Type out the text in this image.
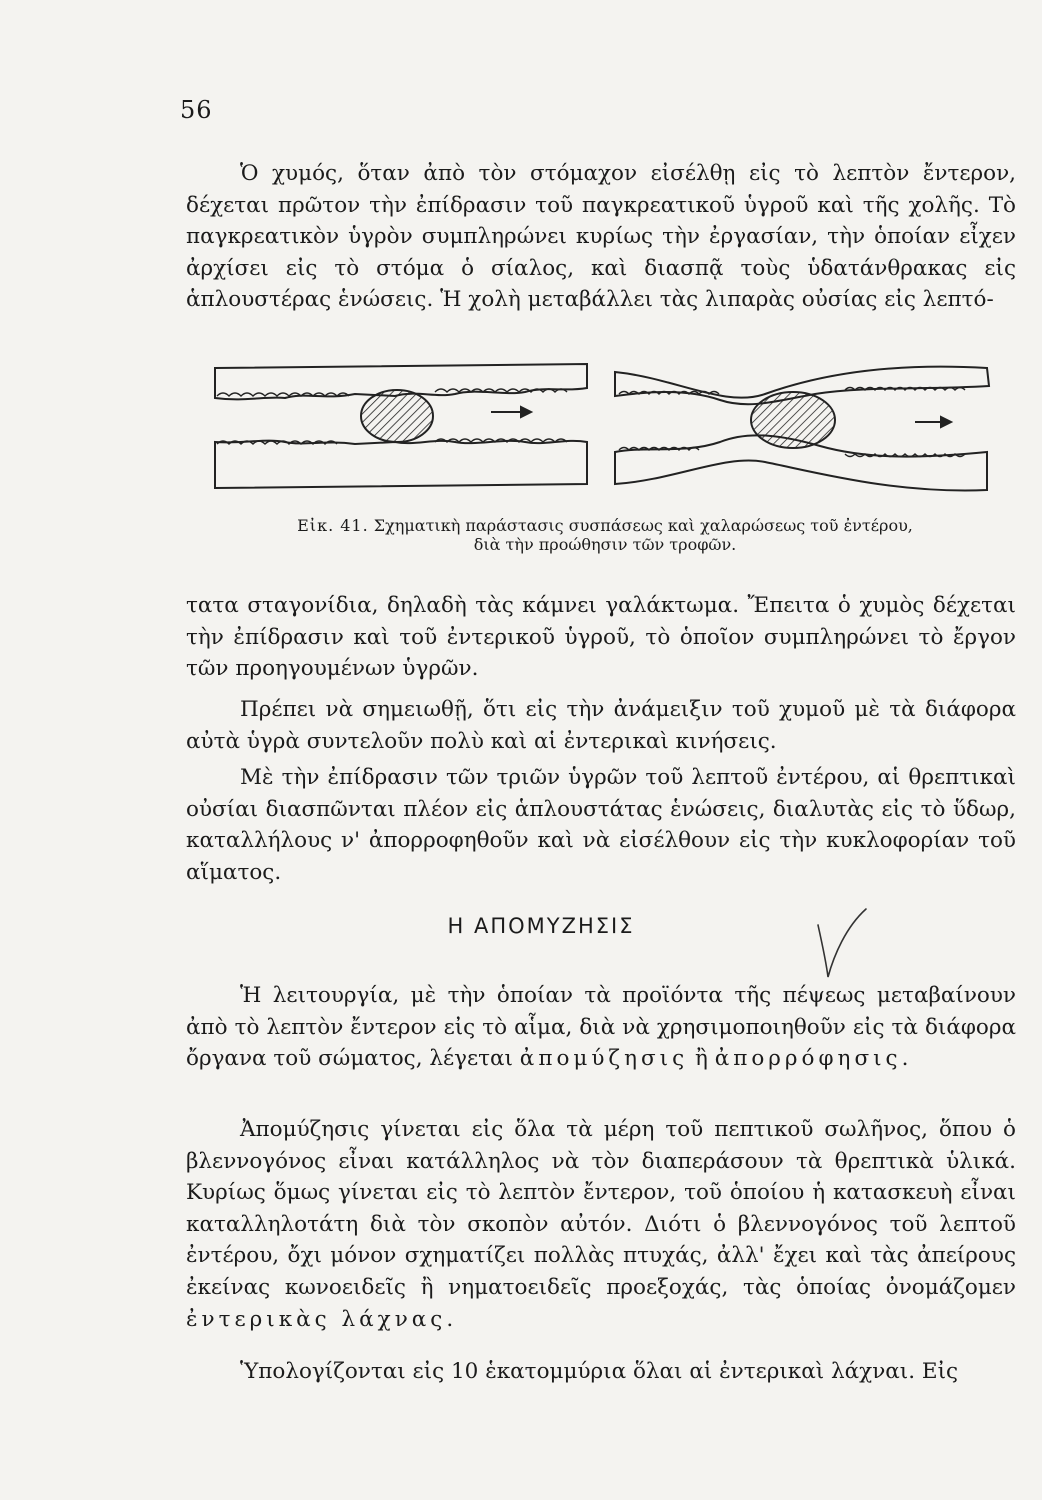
56

Ὁ χυμός, ὅταν ἀπὸ τὸν στόμαχον εἰσέλθῃ εἰς τὸ λεπτὸν ἔντερον, δέχεται πρῶτον τὴν ἐπίδρασιν τοῦ παγκρεατικοῦ ὑγροῦ καὶ τῆς χολῆς. Τὸ παγκρεατικὸν ὑγρὸν συμπληρώνει κυρίως τὴν ἐργασίαν, τὴν ὁποίαν εἶχεν ἀρχίσει εἰς τὸ στόμα ὁ σίαλος, καὶ διασπᾷ τοὺς ὑδατάνθρακας εἰς ἁπλουστέρας ἑνώσεις. Ἡ χολὴ μεταβάλλει τὰς λιπαρὰς οὐσίας εἰς λεπτό-

Εἰκ. 41. Σχηματικὴ παράστασις συσπάσεως καὶ χαλαρώσεως τοῦ ἐντέρου,
διὰ τὴν προώθησιν τῶν τροφῶν.

τατα σταγονίδια, δηλαδὴ τὰς κάμνει γαλάκτωμα. Ἔπειτα ὁ χυμὸς δέχεται τὴν ἐπίδρασιν καὶ τοῦ ἐντερικοῦ ὑγροῦ, τὸ ὁποῖον συμπληρώνει τὸ ἔργον τῶν προηγουμένων ὑγρῶν.

Πρέπει νὰ σημειωθῇ, ὅτι εἰς τὴν ἀνάμειξιν τοῦ χυμοῦ μὲ τὰ διάφορα αὐτὰ ὑγρὰ συντελοῦν πολὺ καὶ αἱ ἐντερικαὶ κινήσεις.

Μὲ τὴν ἐπίδρασιν τῶν τριῶν ὑγρῶν τοῦ λεπτοῦ ἐντέρου, αἱ θρεπτικαὶ οὐσίαι διασπῶνται πλέον εἰς ἁπλουστάτας ἑνώσεις, διαλυτὰς εἰς τὸ ὕδωρ, καταλλήλους ν' ἀπορροφηθοῦν καὶ νὰ εἰσέλθουν εἰς τὴν κυκλοφορίαν τοῦ αἵματος.

Η ΑΠΟΜΥΖΗΣΙΣ

Ἡ λειτουργία, μὲ τὴν ὁποίαν τὰ προϊόντα τῆς πέψεως μεταβαίνουν ἀπὸ τὸ λεπτὸν ἔντερον εἰς τὸ αἷμα, διὰ νὰ χρησιμοποιηθοῦν εἰς τὰ διάφορα ὄργανα τοῦ σώματος, λέγεται ἀπομύζησις ἢ ἀπορρόφησις.

Ἀπομύζησις γίνεται εἰς ὅλα τὰ μέρη τοῦ πεπτικοῦ σωλῆνος, ὅπου ὁ βλεννογόνος εἶναι κατάλληλος νὰ τὸν διαπεράσουν τὰ θρεπτικὰ ὑλικά. Κυρίως ὅμως γίνεται εἰς τὸ λεπτὸν ἔντερον, τοῦ ὁποίου ἡ κατασκευὴ εἶναι καταλληλοτάτη διὰ τὸν σκοπὸν αὐτόν. Διότι ὁ βλεννογόνος τοῦ λεπτοῦ ἐντέρου, ὄχι μόνον σχηματίζει πολλὰς πτυχάς, ἀλλ' ἔχει καὶ τὰς ἀπείρους ἐκείνας κωνοειδεῖς ἢ νηματοειδεῖς προεξοχάς, τὰς ὁποίας ὀνομάζομεν ἐντερικὰς λάχνας.

Ὑπολογίζονται εἰς 10 ἑκατομμύρια ὅλαι αἱ ἐντερικαὶ λάχναι. Εἰς
